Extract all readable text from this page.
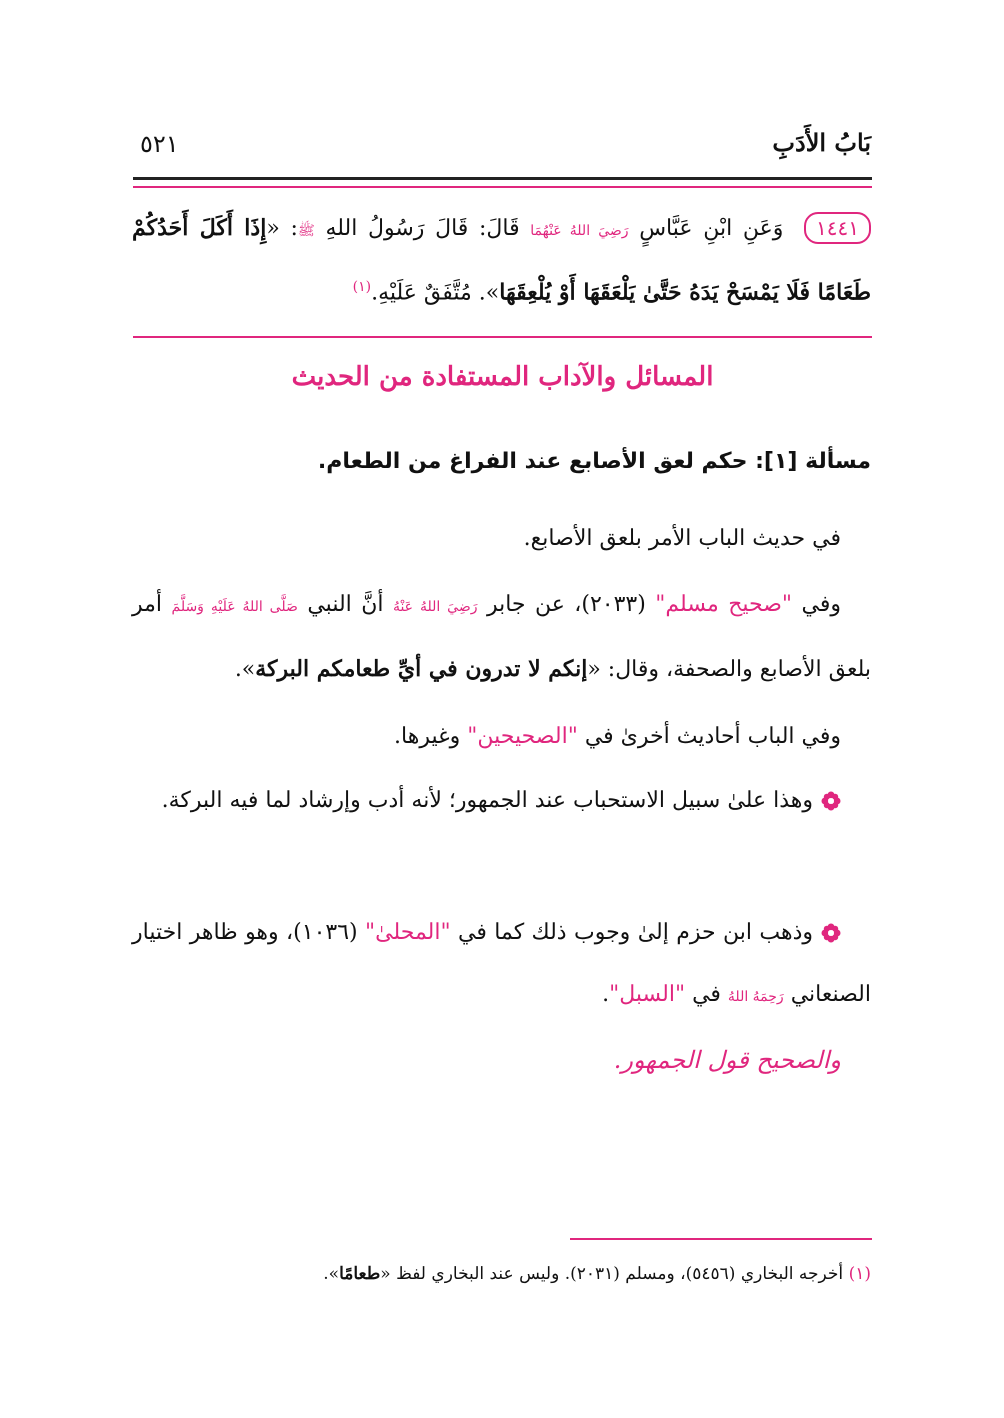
بَابُ الأَدَبِ
٥٢١
١٤٤١ وَعَنِ ابْنِ عَبَّاسٍ رَضِيَ اللهُ عَنْهُمَا قَالَ: قَالَ رَسُولُ اللهِ ﷺ: «إِذَا أَكَلَ أَحَدُكُمْ طَعَامًا فَلَا يَمْسَحْ يَدَهُ حَتَّىٰ يَلْعَقَهَا أَوْ يُلْعِقَهَا». مُتَّفَقٌ عَلَيْهِ.$^{(١)}$
المسائل والآداب المستفادة من الحديث
مسألة [١]: حكم لعق الأصابع عند الفراغ من الطعام.
في حديث الباب الأمر بلعق الأصابع.
وفي "صحيح مسلم" (٢٠٣٣)، عن جابر رَضِيَ اللهُ عَنْهُ أنَّ النبي صَلَّى اللهُ عَلَيْهِ وَسَلَّمَ أمر بلعق الأصابع والصحفة، وقال: «إنكم لا تدرون في أيِّ طعامكم البركة».
وفي الباب أحاديث أخرىٰ في "الصحيحين" وغيرها.
وهذا علىٰ سبيل الاستحباب عند الجمهور؛ لأنه أدب وإرشاد لما فيه البركة.
وذهب ابن حزم إلىٰ وجوب ذلك كما في "المحلىٰ" (١٠٣٦)، وهو ظاهر اختيار الصنعاني رَحِمَهُ اللهُ في "السبل".
والصحيح قول الجمهور.
(١) أخرجه البخاري (٥٤٥٦)، ومسلم (٢٠٣١). وليس عند البخاري لفظ «طعامًا».
